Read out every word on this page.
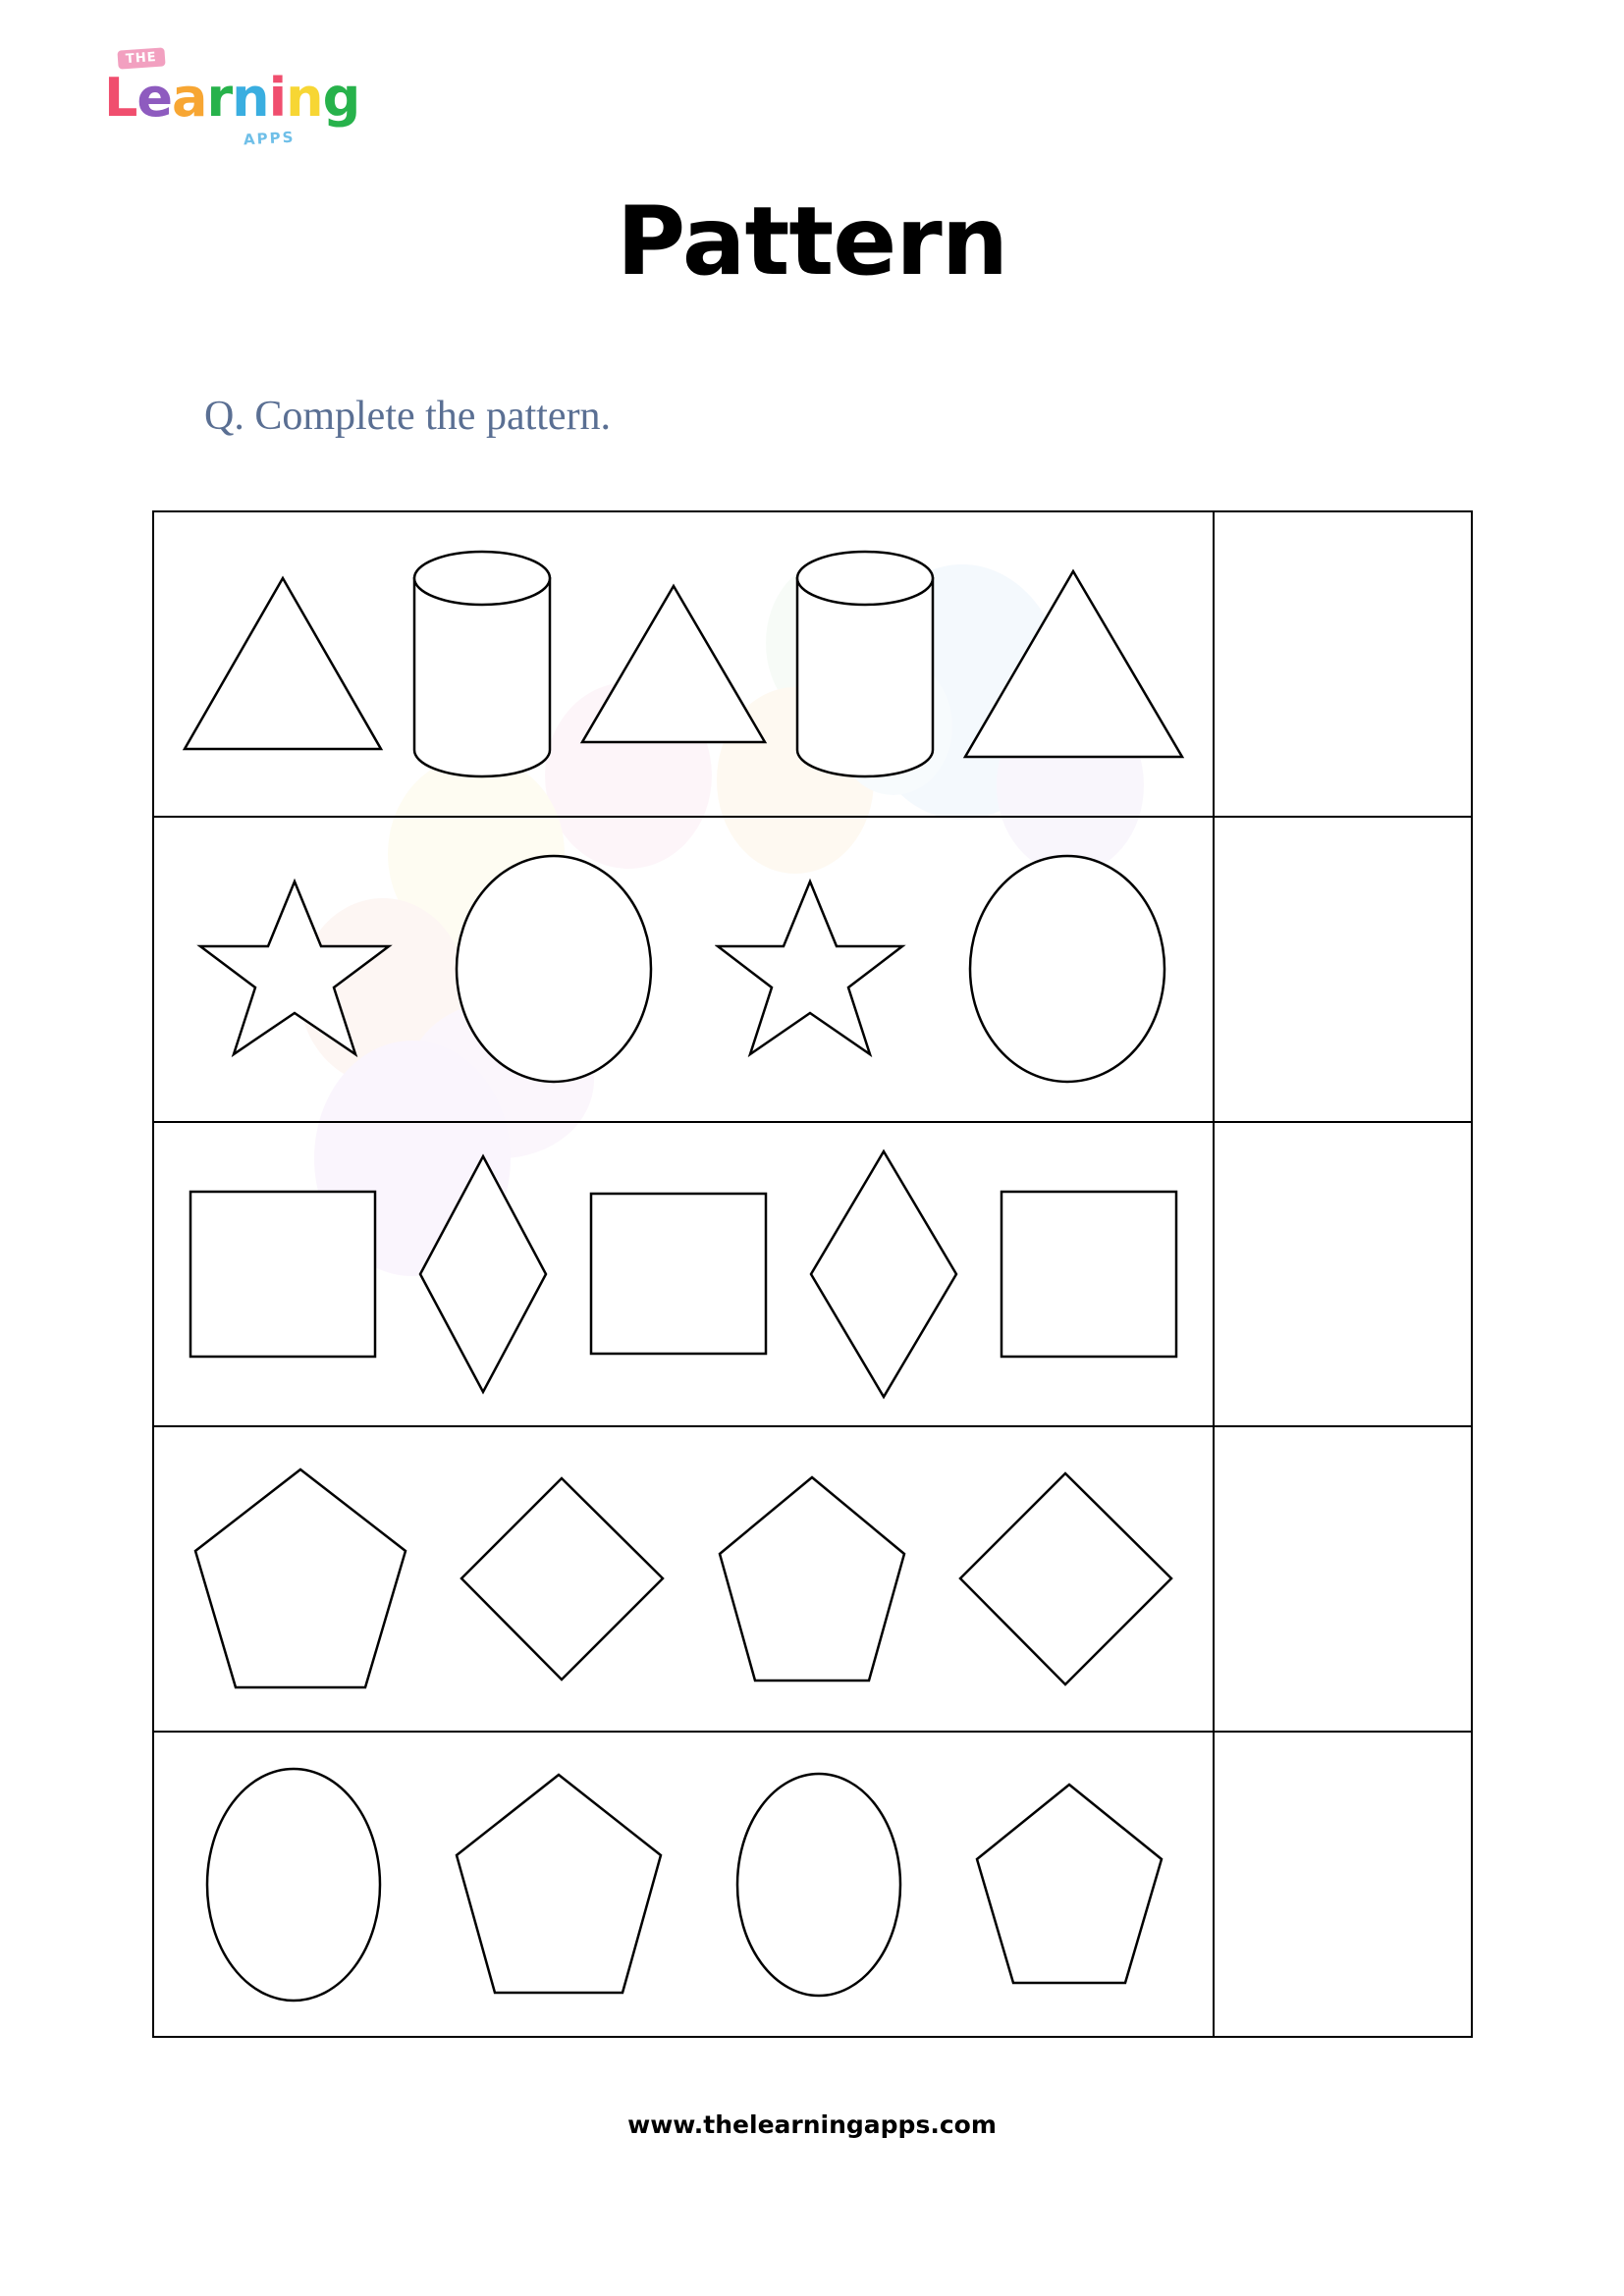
THE
Learning
APPS
Pattern
Q. Complete the pattern.
www.thelearningapps.com
